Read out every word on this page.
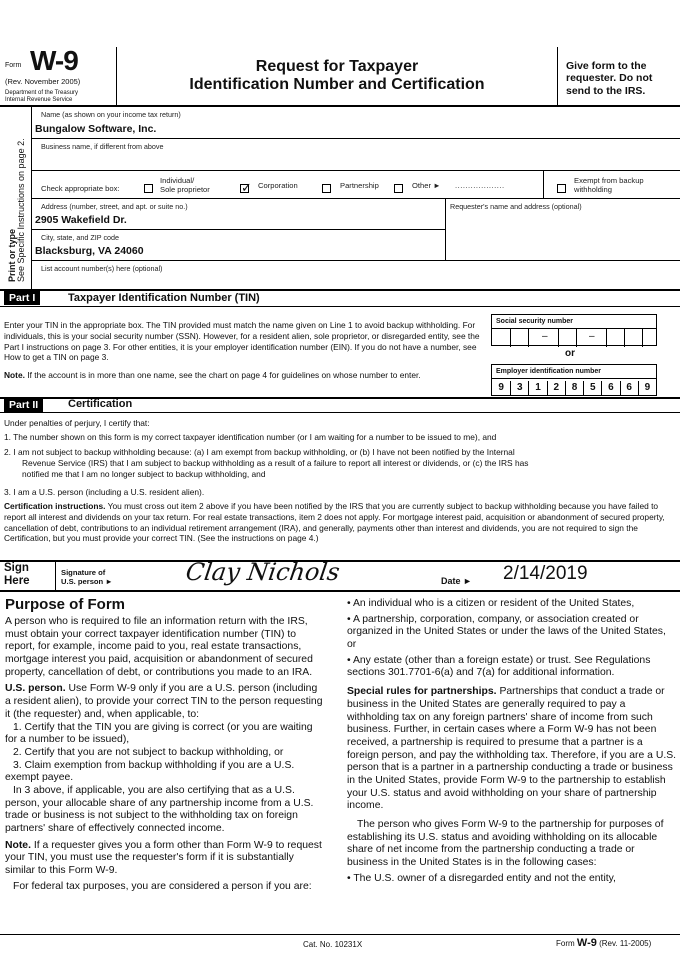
Form W-9
(Rev. November 2005)
Department of the Treasury
Internal Revenue Service
Request for Taxpayer
Identification Number and Certification
Give form to the
requester. Do not
send to the IRS.
Print or type See Specific Instructions on page 2.
Name (as shown on your income tax return)
Bungalow Software, Inc.
Business name, if different from above
Check appropriate box:
Individual/
Sole proprietor
✓	Corporation	Partnership	Other ► ...................
Exempt from backup
withholding
Address (number, street, and apt. or suite no.)
2905 Wakefield Dr.
Requester's name and address (optional)
City, state, and ZIP code
Blacksburg, VA 24060
List account number(s) here (optional)
Part I	Taxpayer Identification Number (TIN)
Enter your TIN in the appropriate box. The TIN provided must match the name given on Line 1 to avoid backup withholding. For individuals, this is your social security number (SSN). However, for a resident alien, sole proprietor, or disregarded entity, see the Part I instructions on page 3. For other entities, it is your employer identification number (EIN). If you do not have a number, see How to get a TIN on page 3.
Note. If the account is in more than one name, see the chart on page 4 for guidelines on whose number to enter.
Social security number
–	–
or
Employer identification number
9	3	1	2	8	5	6	6	9
Part II	Certification
Under penalties of perjury, I certify that:
1. The number shown on this form is my correct taxpayer identification number (or I am waiting for a number to be issued to me), and
2. I am not subject to backup withholding because: (a) I am exempt from backup withholding, or (b) I have not been notified by the Internal
Revenue Service (IRS) that I am subject to backup withholding as a result of a failure to report all interest or dividends, or (c) the IRS has
notified me that I am no longer subject to backup withholding, and
3. I am a U.S. person (including a U.S. resident alien).
Certification instructions. You must cross out item 2 above if you have been notified by the IRS that you are currently subject to backup withholding because you have failed to report all interest and dividends on your tax return. For real estate transactions, item 2 does not apply. For mortgage interest paid, acquisition or abandonment of secured property, cancellation of debt, contributions to an individual retirement arrangement (IRA), and generally, payments other than interest and dividends, you are not required to sign the Certification, but you must provide your correct TIN. (See the instructions on page 4.)
Sign
Here
Signature of
U.S. person ►	Clay Nichols	Date ► 2/14/2019
Purpose of Form

A person who is required to file an information return with the IRS, must obtain your correct taxpayer identification number (TIN) to report, for example, income paid to you, real estate transactions, mortgage interest you paid, acquisition or abandonment of secured property, cancellation of debt, or contributions you made to an IRA.

U.S. person. Use Form W-9 only if you are a U.S. person (including a resident alien), to provide your correct TIN to the person requesting it (the requester) and, when applicable, to:

1. Certify that the TIN you are giving is correct (or you are waiting for a number to be issued),

2. Certify that you are not subject to backup withholding, or

3. Claim exemption from backup withholding if you are a U.S. exempt payee.

In 3 above, if applicable, you are also certifying that as a U.S. person, your allocable share of any partnership income from a U.S. trade or business is not subject to the withholding tax on foreign partners' share of effectively connected income.

Note. If a requester gives you a form other than Form W-9 to request your TIN, you must use the requester's form if it is substantially similar to this Form W-9.

For federal tax purposes, you are considered a person if you are:

• An individual who is a citizen or resident of the United States,

• A partnership, corporation, company, or association created or organized in the United States or under the laws of the United States, or

• Any estate (other than a foreign estate) or trust. See Regulations sections 301.7701-6(a) and 7(a) for additional information.

Special rules for partnerships. Partnerships that conduct a trade or business in the United States are generally required to pay a withholding tax on any foreign partners' share of income from such business. Further, in certain cases where a Form W-9 has not been received, a partnership is required to presume that a partner is a foreign person, and pay the withholding tax. Therefore, if you are a U.S. person that is a partner in a partnership conducting a trade or business in the United States, provide Form W-9 to the partnership to establish your U.S. status and avoid withholding on your share of partnership income.

The person who gives Form W-9 to the partnership for purposes of establishing its U.S. status and avoiding withholding on its allocable share of net income from the partnership conducting a trade or business in the United States is in the following cases:

• The U.S. owner of a disregarded entity and not the entity,

Cat. No. 10231X	Form W-9 (Rev. 11-2005)
